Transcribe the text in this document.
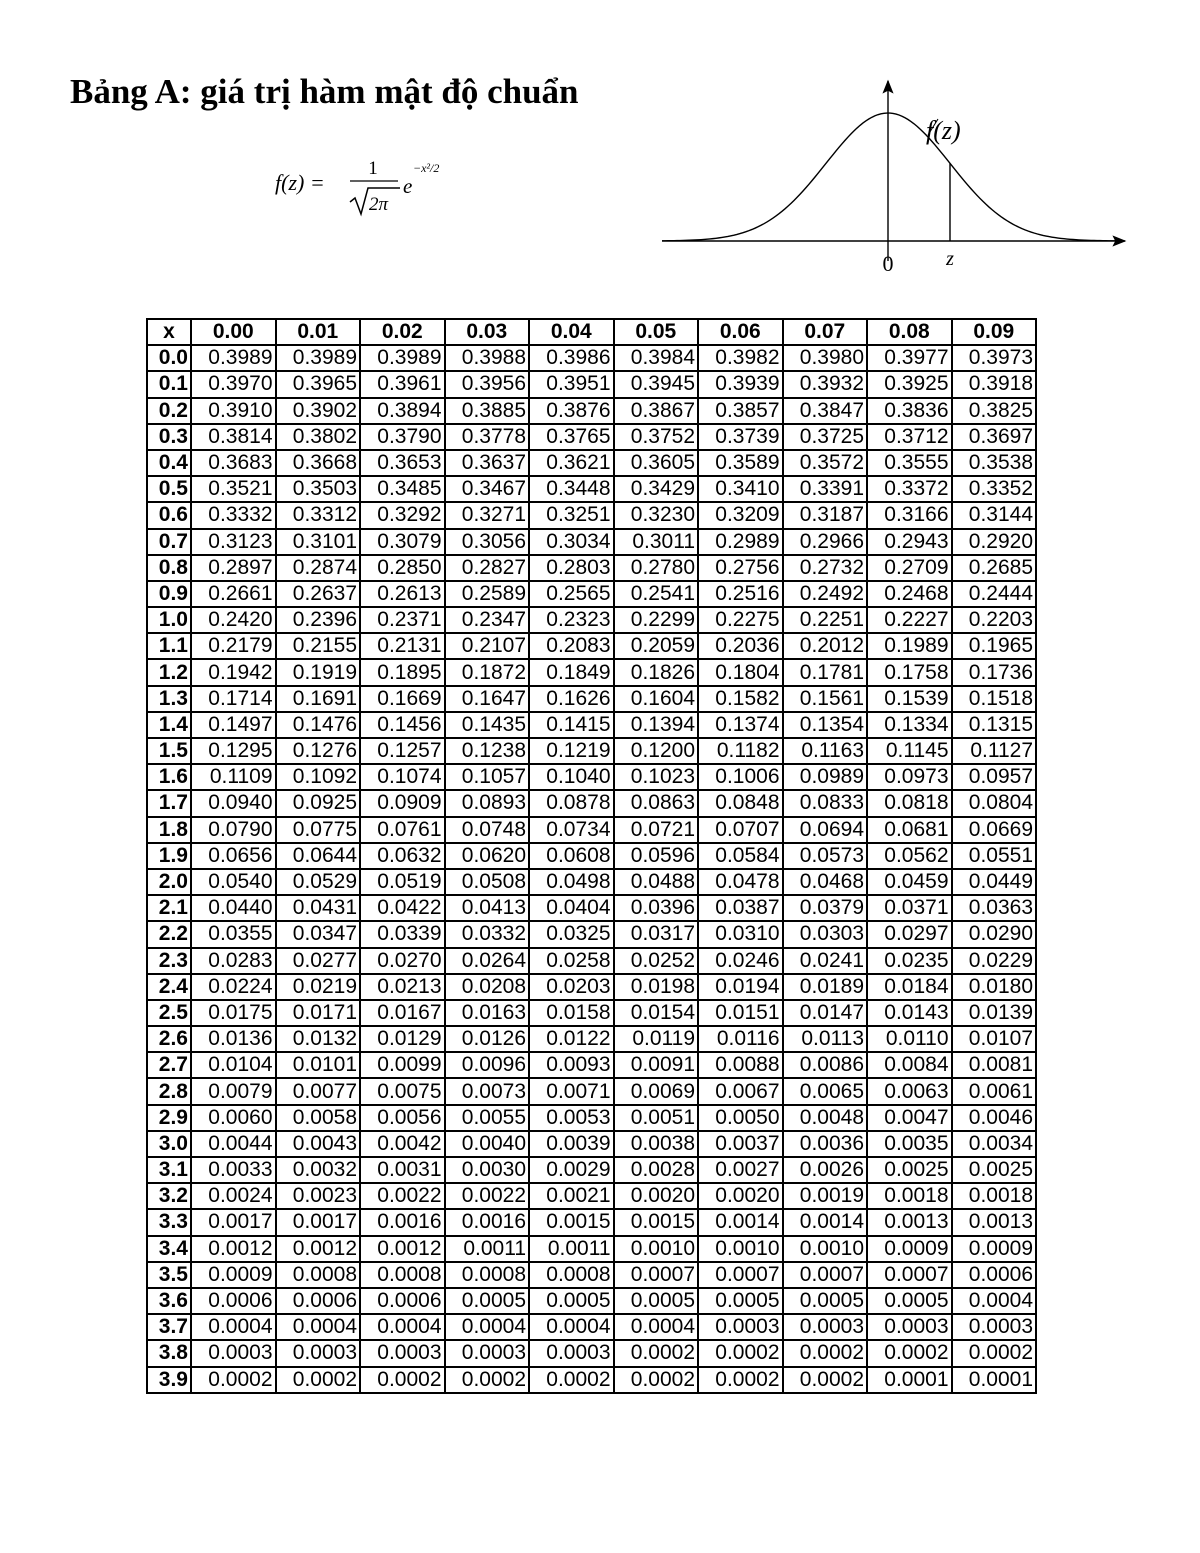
Bảng A: giá trị hàm mật độ chuẩn
f(z) =
1
2π
e
−x²/2
f(z)
0	z
x	0.00	0.01	0.02	0.03	0.04	0.05	0.06	0.07	0.08	0.09
0.0	0.3989	0.3989	0.3989	0.3988	0.3986	0.3984	0.3982	0.3980	0.3977	0.3973
0.1	0.3970	0.3965	0.3961	0.3956	0.3951	0.3945	0.3939	0.3932	0.3925	0.3918
0.2	0.3910	0.3902	0.3894	0.3885	0.3876	0.3867	0.3857	0.3847	0.3836	0.3825
0.3	0.3814	0.3802	0.3790	0.3778	0.3765	0.3752	0.3739	0.3725	0.3712	0.3697
0.4	0.3683	0.3668	0.3653	0.3637	0.3621	0.3605	0.3589	0.3572	0.3555	0.3538
0.5	0.3521	0.3503	0.3485	0.3467	0.3448	0.3429	0.3410	0.3391	0.3372	0.3352
0.6	0.3332	0.3312	0.3292	0.3271	0.3251	0.3230	0.3209	0.3187	0.3166	0.3144
0.7	0.3123	0.3101	0.3079	0.3056	0.3034	0.3011	0.2989	0.2966	0.2943	0.2920
0.8	0.2897	0.2874	0.2850	0.2827	0.2803	0.2780	0.2756	0.2732	0.2709	0.2685
0.9	0.2661	0.2637	0.2613	0.2589	0.2565	0.2541	0.2516	0.2492	0.2468	0.2444
1.0	0.2420	0.2396	0.2371	0.2347	0.2323	0.2299	0.2275	0.2251	0.2227	0.2203
1.1	0.2179	0.2155	0.2131	0.2107	0.2083	0.2059	0.2036	0.2012	0.1989	0.1965
1.2	0.1942	0.1919	0.1895	0.1872	0.1849	0.1826	0.1804	0.1781	0.1758	0.1736
1.3	0.1714	0.1691	0.1669	0.1647	0.1626	0.1604	0.1582	0.1561	0.1539	0.1518
1.4	0.1497	0.1476	0.1456	0.1435	0.1415	0.1394	0.1374	0.1354	0.1334	0.1315
1.5	0.1295	0.1276	0.1257	0.1238	0.1219	0.1200	0.1182	0.1163	0.1145	0.1127
1.6	0.1109	0.1092	0.1074	0.1057	0.1040	0.1023	0.1006	0.0989	0.0973	0.0957
1.7	0.0940	0.0925	0.0909	0.0893	0.0878	0.0863	0.0848	0.0833	0.0818	0.0804
1.8	0.0790	0.0775	0.0761	0.0748	0.0734	0.0721	0.0707	0.0694	0.0681	0.0669
1.9	0.0656	0.0644	0.0632	0.0620	0.0608	0.0596	0.0584	0.0573	0.0562	0.0551
2.0	0.0540	0.0529	0.0519	0.0508	0.0498	0.0488	0.0478	0.0468	0.0459	0.0449
2.1	0.0440	0.0431	0.0422	0.0413	0.0404	0.0396	0.0387	0.0379	0.0371	0.0363
2.2	0.0355	0.0347	0.0339	0.0332	0.0325	0.0317	0.0310	0.0303	0.0297	0.0290
2.3	0.0283	0.0277	0.0270	0.0264	0.0258	0.0252	0.0246	0.0241	0.0235	0.0229
2.4	0.0224	0.0219	0.0213	0.0208	0.0203	0.0198	0.0194	0.0189	0.0184	0.0180
2.5	0.0175	0.0171	0.0167	0.0163	0.0158	0.0154	0.0151	0.0147	0.0143	0.0139
2.6	0.0136	0.0132	0.0129	0.0126	0.0122	0.0119	0.0116	0.0113	0.0110	0.0107
2.7	0.0104	0.0101	0.0099	0.0096	0.0093	0.0091	0.0088	0.0086	0.0084	0.0081
2.8	0.0079	0.0077	0.0075	0.0073	0.0071	0.0069	0.0067	0.0065	0.0063	0.0061
2.9	0.0060	0.0058	0.0056	0.0055	0.0053	0.0051	0.0050	0.0048	0.0047	0.0046
3.0	0.0044	0.0043	0.0042	0.0040	0.0039	0.0038	0.0037	0.0036	0.0035	0.0034
3.1	0.0033	0.0032	0.0031	0.0030	0.0029	0.0028	0.0027	0.0026	0.0025	0.0025
3.2	0.0024	0.0023	0.0022	0.0022	0.0021	0.0020	0.0020	0.0019	0.0018	0.0018
3.3	0.0017	0.0017	0.0016	0.0016	0.0015	0.0015	0.0014	0.0014	0.0013	0.0013
3.4	0.0012	0.0012	0.0012	0.0011	0.0011	0.0010	0.0010	0.0010	0.0009	0.0009
3.5	0.0009	0.0008	0.0008	0.0008	0.0008	0.0007	0.0007	0.0007	0.0007	0.0006
3.6	0.0006	0.0006	0.0006	0.0005	0.0005	0.0005	0.0005	0.0005	0.0005	0.0004
3.7	0.0004	0.0004	0.0004	0.0004	0.0004	0.0004	0.0003	0.0003	0.0003	0.0003
3.8	0.0003	0.0003	0.0003	0.0003	0.0003	0.0002	0.0002	0.0002	0.0002	0.0002
3.9	0.0002	0.0002	0.0002	0.0002	0.0002	0.0002	0.0002	0.0002	0.0001	0.0001
